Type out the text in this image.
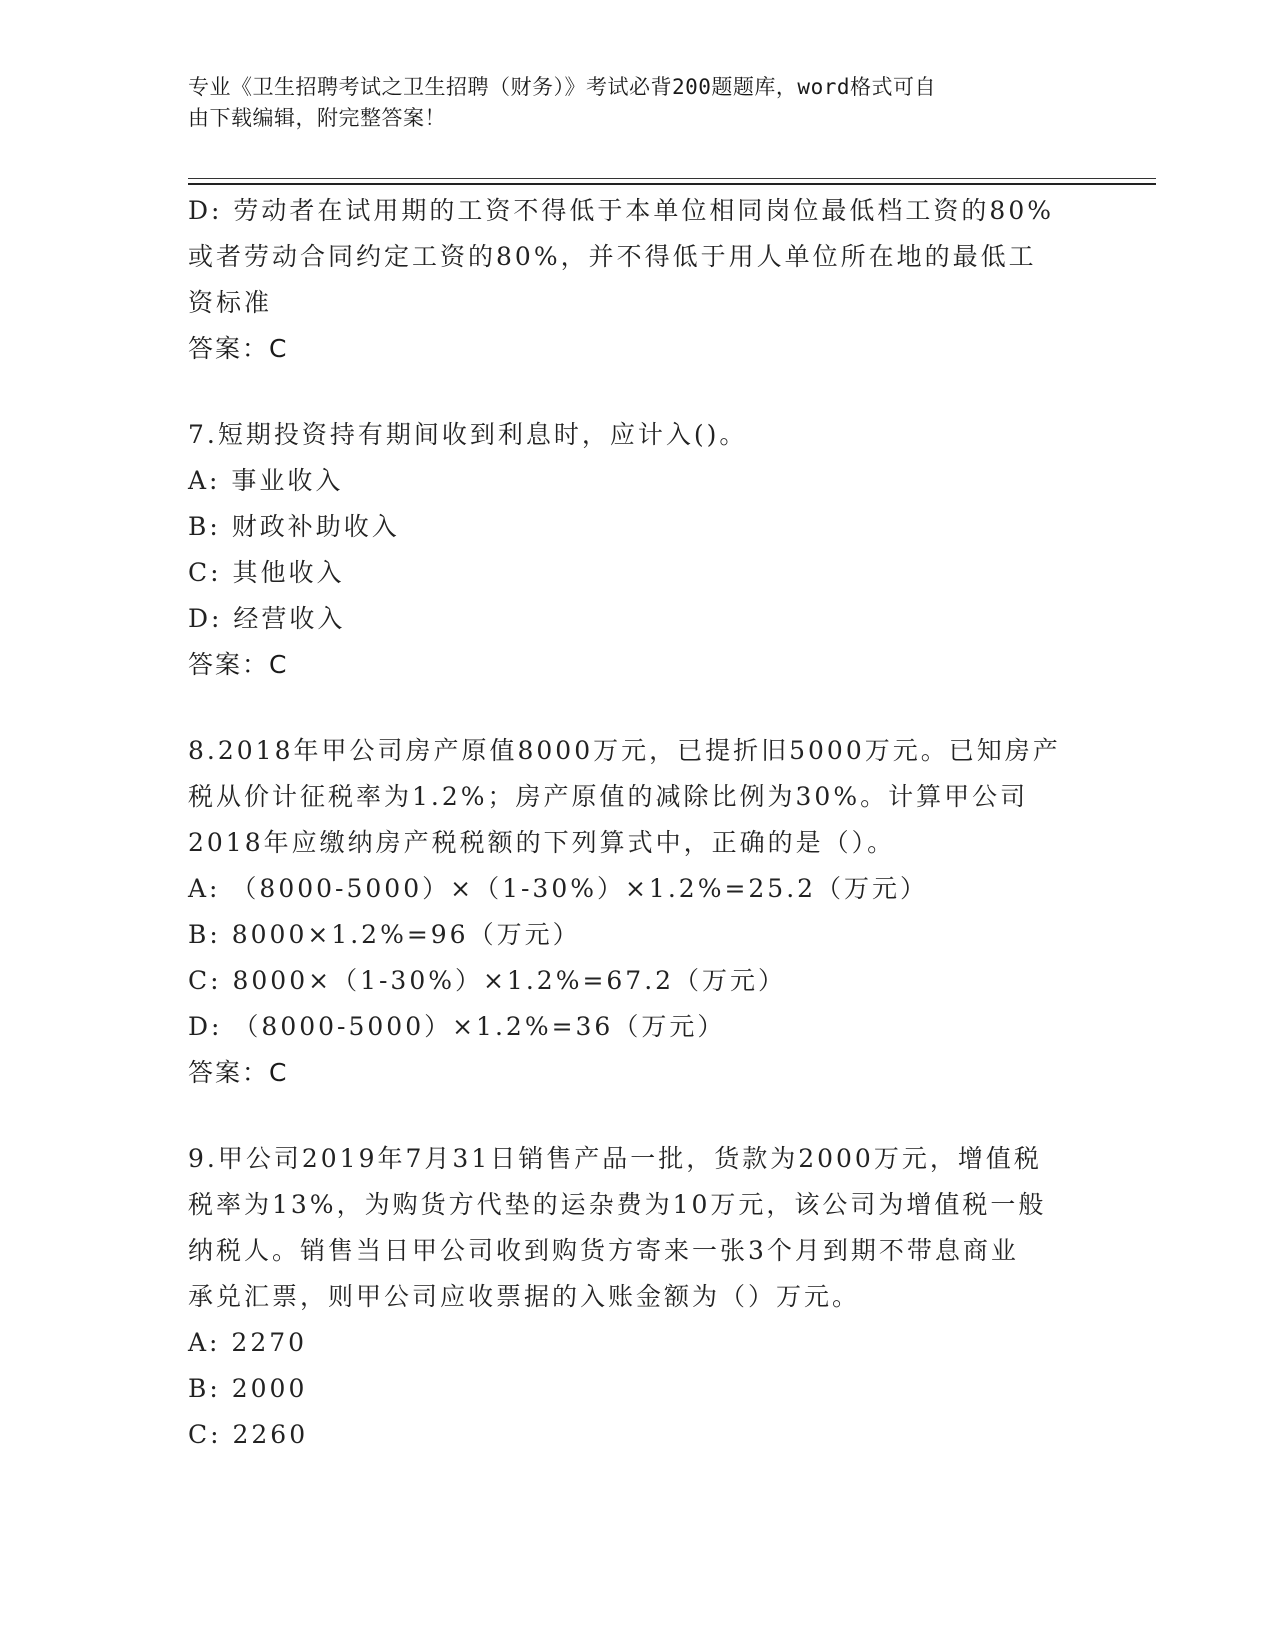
专业《卫生招聘考试之卫生招聘（财务）》考试必背200题题库，word格式可自
由下载编辑，附完整答案！

D: 劳动者在试用期的工资不得低于本单位相同岗位最低档工资的80%

或者劳动合同约定工资的80%，并不得低于用人单位所在地的最低工

资标准

答案：C

7.短期投资持有期间收到利息时，应计入()。

A: 事业收入

B: 财政补助收入

C: 其他收入

D: 经营收入

答案：C

8.2018年甲公司房产原值8000万元，已提折旧5000万元。已知房产

税从价计征税率为1.2%；房产原值的减除比例为30%。计算甲公司

2018年应缴纳房产税税额的下列算式中，正确的是（）。

A: （8000-5000）×（1-30%）×1.2%=25.2（万元）

B: 8000×1.2%=96（万元）

C: 8000×（1-30%）×1.2%=67.2（万元）

D: （8000-5000）×1.2%=36（万元）

答案：C

9.甲公司2019年7月31日销售产品一批，货款为2000万元，增值税

税率为13%，为购货方代垫的运杂费为10万元，该公司为增值税一般

纳税人。销售当日甲公司收到购货方寄来一张3个月到期不带息商业

承兑汇票，则甲公司应收票据的入账金额为（）万元。

A: 2270

B: 2000

C: 2260
